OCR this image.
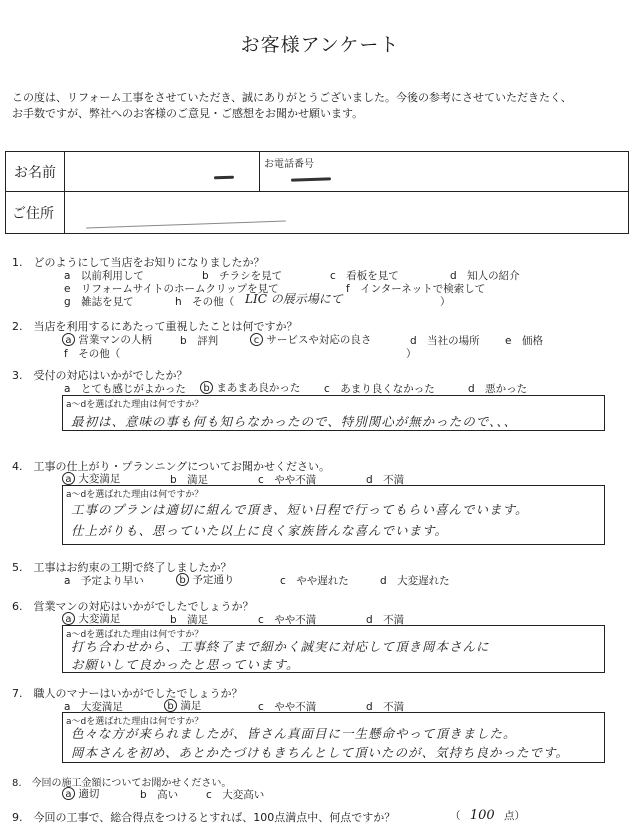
お客様アンケート
この度は、リフォーム工事をさせていただき、誠にありがとうございました。今後の参考にさせていただきたく、
お手数ですが、弊社へのお客様のご意見・ご感想をお聞かせ願います。
お名前
お電話番号
ご住所
1.　どのようにして当店をお知りになりましたか？
a　以前利用して	b　チラシを見て	c　看板を見て	d　知人の紹介
e　リフォームサイトのホームクリップを見て	f　インターネットで検索して
g　雑誌を見て	h　その他（ LIC の展示場にて	）
2.　当店を利用するにあたって重視したことは何ですか？
a 営業マンの人柄	b　評判	c サービスや対応の良さ	d　当社の場所 e　価格
f　その他（	）
3.　受付の対応はいかがでしたか？
a　とても感じがよかった	b まあまあ良かった c　あまり良くなかった	d　悪かった
a〜dを選ばれた理由は何ですか？
最初は、意味の事も何も知らなかったので、特別関心が無かったので、、、
4.　工事の仕上がり・プランニングについてお聞かせください。
a 大変満足	b　満足	c　やや不満	d　不満
a〜dを選ばれた理由は何ですか？
工事のプランは適切に組んで頂き、短い日程で行ってもらい喜んでいます。
仕上がりも、思っていた以上に良く家族皆んな喜んでいます。
5.　工事はお約束の工期で終了しましたか？
a　予定より早い	b 予定通り	c　やや遅れた	d　大変遅れた
6.　営業マンの対応はいかがでしたでしょうか？
a 大変満足	b　満足	c　やや不満	d　不満
a〜dを選ばれた理由は何ですか？
打ち合わせから、工事終了まで細かく誠実に対応して頂き岡本さんに
お願いして良かったと思っています。
7.　職人のマナーはいかがでしたでしょうか？
a　大変満足	b 満足	c　やや不満	d　不満
a〜dを選ばれた理由は何ですか？
色々な方が来られましたが、皆さん真面目に一生懸命やって頂きました。
岡本さんを初め、あとかたづけもきちんとして頂いたのが、気持ち良かったです。
8.　今回の施工金額についてお聞かせください。
a 適切	b　高い	c　大変高い
9.　今回の工事で、総合得点をつけるとすれば、100点満点中、何点ですか？	（ 100 点）
